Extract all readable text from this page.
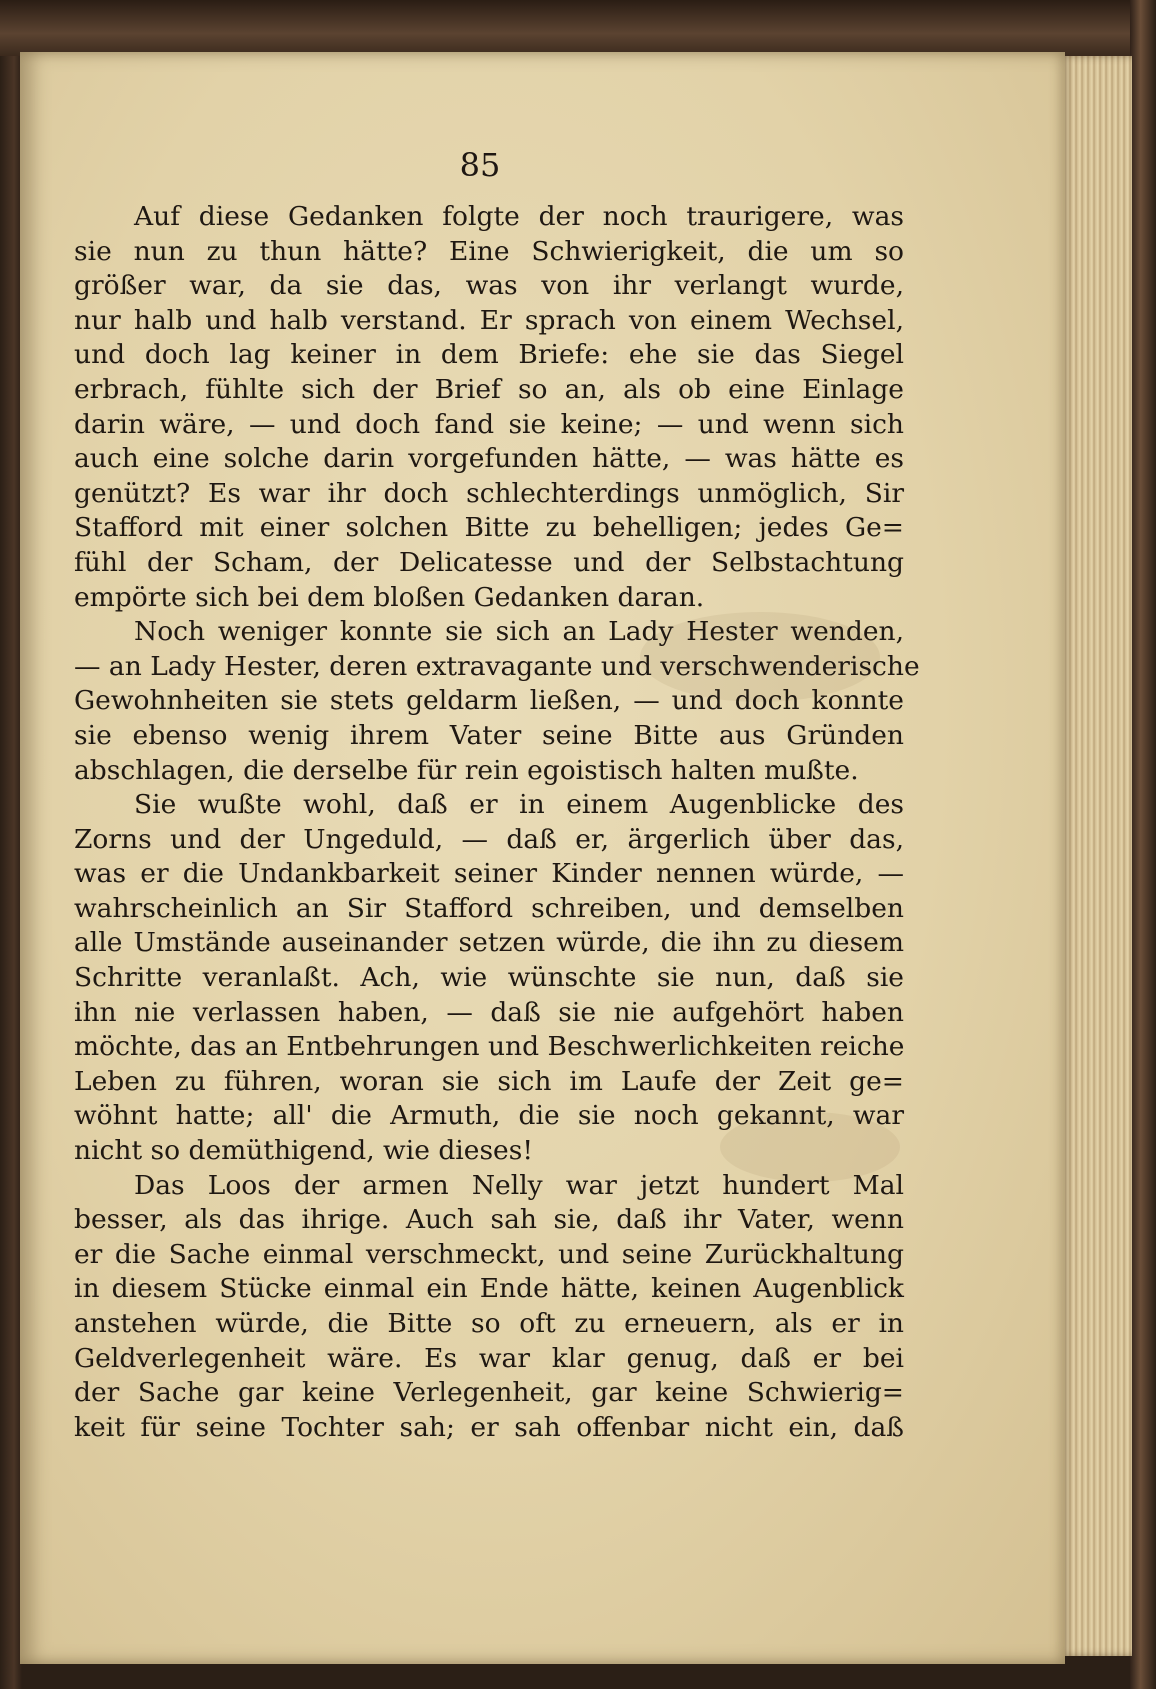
85
Auf diese Gedanken folgte der noch traurigere, was
sie nun zu thun hätte? Eine Schwierigkeit, die um so
größer war, da sie das, was von ihr verlangt wurde,
nur halb und halb verstand. Er sprach von einem Wechsel,
und doch lag keiner in dem Briefe: ehe sie das Siegel
erbrach, fühlte sich der Brief so an, als ob eine Einlage
darin wäre, — und doch fand sie keine; — und wenn sich
auch eine solche darin vorgefunden hätte, — was hätte es
genützt? Es war ihr doch schlechterdings unmöglich, Sir
Stafford mit einer solchen Bitte zu behelligen; jedes Ge=
fühl der Scham, der Delicatesse und der Selbstachtung
empörte sich bei dem bloßen Gedanken daran.
Noch weniger konnte sie sich an Lady Hester wenden,
— an Lady Hester, deren extravagante und verschwenderische
Gewohnheiten sie stets geldarm ließen, — und doch konnte
sie ebenso wenig ihrem Vater seine Bitte aus Gründen
abschlagen, die derselbe für rein egoistisch halten mußte.
Sie wußte wohl, daß er in einem Augenblicke des
Zorns und der Ungeduld, — daß er, ärgerlich über das,
was er die Undankbarkeit seiner Kinder nennen würde, —
wahrscheinlich an Sir Stafford schreiben, und demselben
alle Umstände auseinander setzen würde, die ihn zu diesem
Schritte veranlaßt. Ach, wie wünschte sie nun, daß sie
ihn nie verlassen haben, — daß sie nie aufgehört haben
möchte, das an Entbehrungen und Beschwerlichkeiten reiche
Leben zu führen, woran sie sich im Laufe der Zeit ge=
wöhnt hatte; all' die Armuth, die sie noch gekannt, war
nicht so demüthigend, wie dieses!
Das Loos der armen Nelly war jetzt hundert Mal
besser, als das ihrige. Auch sah sie, daß ihr Vater, wenn
er die Sache einmal verschmeckt, und seine Zurückhaltung
in diesem Stücke einmal ein Ende hätte, keinen Augenblick
anstehen würde, die Bitte so oft zu erneuern, als er in
Geldverlegenheit wäre. Es war klar genug, daß er bei
der Sache gar keine Verlegenheit, gar keine Schwierig=
keit für seine Tochter sah; er sah offenbar nicht ein, daß
